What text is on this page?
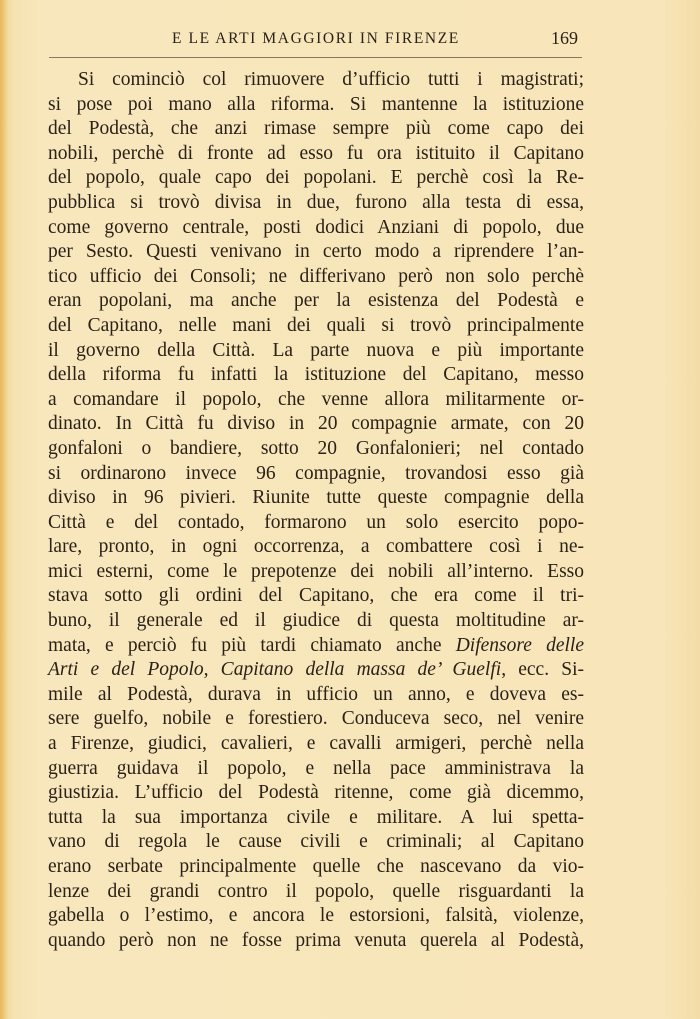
E LE ARTI MAGGIORI IN FIRENZE	169
Si cominciò col rimuovere d’ufficio tutti i magistrati;
si pose poi mano alla riforma. Si mantenne la istituzione
del Podestà, che anzi rimase sempre più come capo dei
nobili, perchè di fronte ad esso fu ora istituito il Capitano
del popolo, quale capo dei popolani. E perchè così la Re-
pubblica si trovò divisa in due, furono alla testa di essa,
come governo centrale, posti dodici Anziani di popolo, due
per Sesto. Questi venivano in certo modo a riprendere l’an-
tico ufficio dei Consoli; ne differivano però non solo perchè
eran popolani, ma anche per la esistenza del Podestà e
del Capitano, nelle mani dei quali si trovò principalmente
il governo della Città. La parte nuova e più importante
della riforma fu infatti la istituzione del Capitano, messo
a comandare il popolo, che venne allora militarmente or-
dinato. In Città fu diviso in 20 compagnie armate, con 20
gonfaloni o bandiere, sotto 20 Gonfalonieri; nel contado
si ordinarono invece 96 compagnie, trovandosi esso già
diviso in 96 pivieri. Riunite tutte queste compagnie della
Città e del contado, formarono un solo esercito popo-
lare, pronto, in ogni occorrenza, a combattere così i ne-
mici esterni, come le prepotenze dei nobili all’interno. Esso
stava sotto gli ordini del Capitano, che era come il tri-
buno, il generale ed il giudice di questa moltitudine ar-
mata, e perciò fu più tardi chiamato anche Difensore delle
Arti e del Popolo, Capitano della massa de’ Guelfi, ecc. Si-
mile al Podestà, durava in ufficio un anno, e doveva es-
sere guelfo, nobile e forestiero. Conduceva seco, nel venire
a Firenze, giudici, cavalieri, e cavalli armigeri, perchè nella
guerra guidava il popolo, e nella pace amministrava la
giustizia. L’ufficio del Podestà ritenne, come già dicemmo,
tutta la sua importanza civile e militare. A lui spetta-
vano di regola le cause civili e criminali; al Capitano
erano serbate principalmente quelle che nascevano da vio-
lenze dei grandi contro il popolo, quelle risguardanti la
gabella o l’estimo, e ancora le estorsioni, falsità, violenze,
quando però non ne fosse prima venuta querela al Podestà,
